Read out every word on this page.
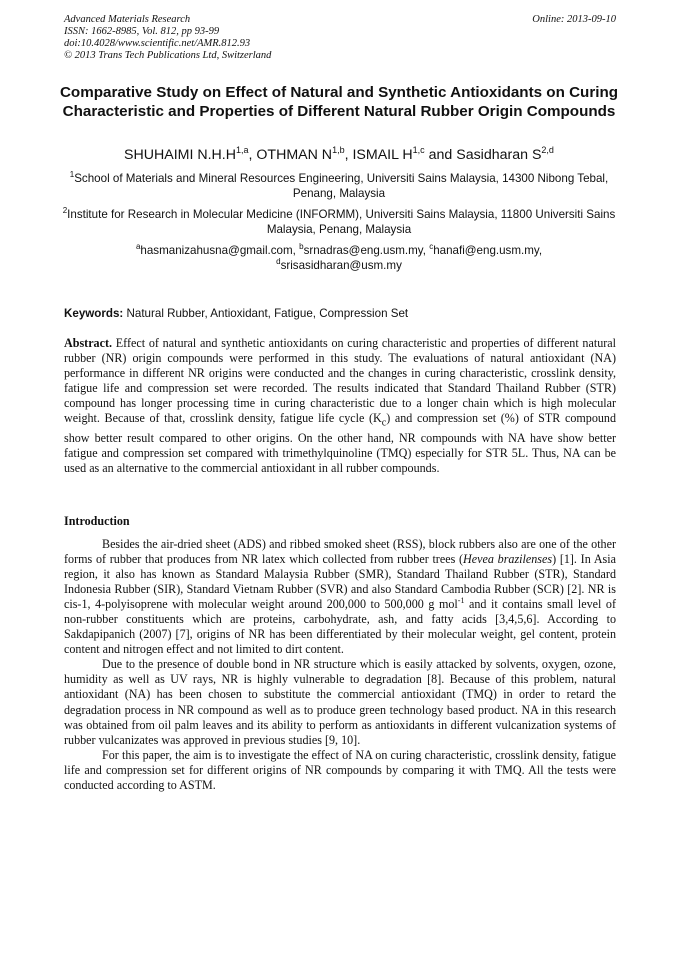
Advanced Materials Research
ISSN: 1662-8985, Vol. 812, pp 93-99
doi:10.4028/www.scientific.net/AMR.812.93
© 2013 Trans Tech Publications Ltd, Switzerland
Online: 2013-09-10
Comparative Study on Effect of Natural and Synthetic Antioxidants on Curing Characteristic and Properties of Different Natural Rubber Origin Compounds
SHUHAIMI $N.H.H^{1,a}$, OTHMAN N$^{1,b}$, ISMAIL H$^{1,c}$ and Sasidharan S$^{2,d}$
$^1$School of Materials and Mineral Resources Engineering, Universiti Sains Malaysia, 14300 Nibong Tebal, Penang, Malaysia
$^2$Institute for Research in Molecular Medicine (INFORMM), Universiti Sains Malaysia, 11800 Universiti Sains Malaysia, Penang, Malaysia
$^a$hasmanizahusna@gmail.com, $^b$srnadras@eng.usm.my, $^c$hanafi@eng.usm.my,
$^d$srisasidharan@usm.my
Keywords: Natural Rubber, Antioxidant, Fatigue, Compression Set

Abstract. Effect of natural and synthetic antioxidants on curing characteristic and properties of different natural rubber (NR) origin compounds were performed in this study. The evaluations of natural antioxidant (NA) performance in different NR origins were conducted and the changes in curing characteristic, crosslink density, fatigue life and compression set were recorded. The results indicated that Standard Thailand Rubber (STR) compound has longer processing time in curing characteristic due to a longer chain which is high molecular weight. Because of that, crosslink density, fatigue life cycle $(K_c)$ and compression set (%) of STR compound show better result compared to other origins. On the other hand, NR compounds with NA have show better fatigue and compression set compared with trimethylquinoline (TMQ) especially for STR 5L. Thus, NA can be used as an alternative to the commercial antioxidant in all rubber compounds.

Introduction

Besides the air-dried sheet (ADS) and ribbed smoked sheet (RSS), block rubbers also are one of the other forms of rubber that produces from NR latex which collected from rubber trees (Hevea brazilenses) [1]. In Asia region, it also has known as Standard Malaysia Rubber (SMR), Standard Thailand Rubber (STR), Standard Indonesia Rubber (SIR), Standard Vietnam Rubber (SVR) and also Standard Cambodia Rubber (SCR) [2]. NR is cis-1, 4-polyisoprene with molecular weight around 200,000 to 500,000 g mol$^{-1}$ and it contains small level of non-rubber constituents which are proteins, carbohydrate, ash, and fatty acids [3,4,5,6]. According to Sakdapipanich (2007) [7], origins of NR has been differentiated by their molecular weight, gel content, protein content and nitrogen effect and not limited to dirt content.

Due to the presence of double bond in NR structure which is easily attacked by solvents, oxygen, ozone, humidity as well as UV rays, NR is highly vulnerable to degradation [8]. Because of this problem, natural antioxidant (NA) has been chosen to substitute the commercial antioxidant (TMQ) in order to retard the degradation process in NR compound as well as to produce green technology based product. NA in this research was obtained from oil palm leaves and its ability to perform as antioxidants in different vulcanization systems of rubber vulcanizates was approved in previous studies [9, 10].

For this paper, the aim is to investigate the effect of NA on curing characteristic, crosslink density, fatigue life and compression set for different origins of NR compounds by comparing it with TMQ. All the tests were conducted according to ASTM.
